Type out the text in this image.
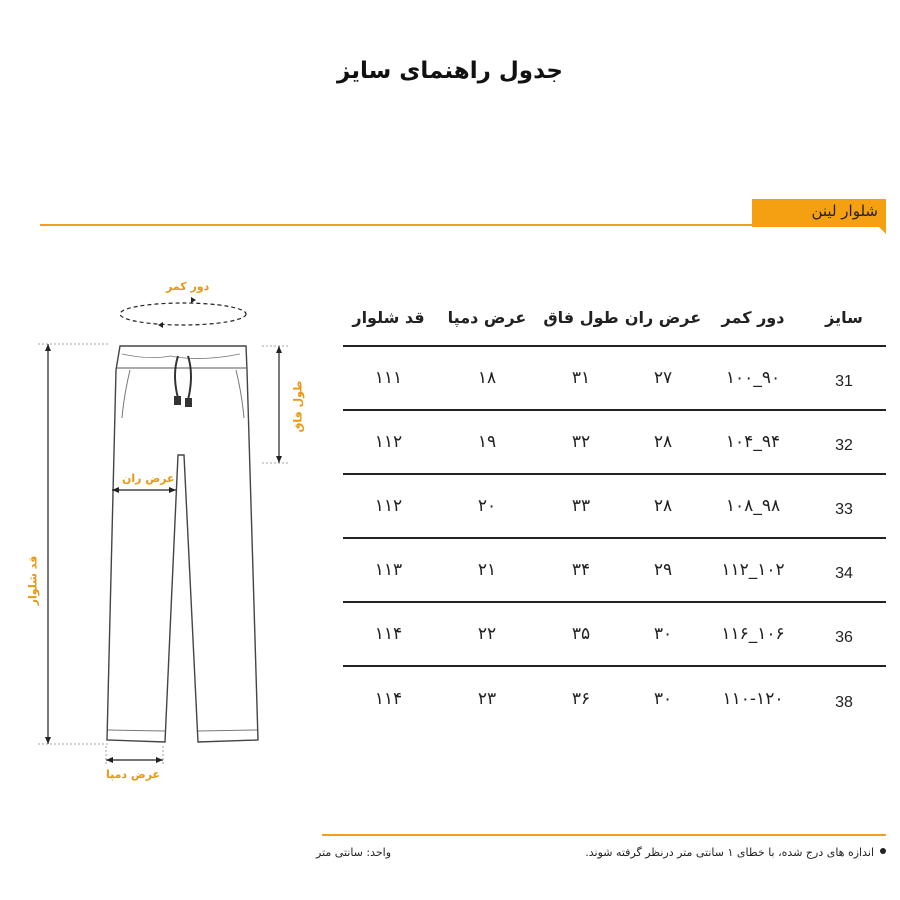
جدول راهنمای سایز
شلوار لینن
دور کمر
طول فاق
عرض ران
قد شلوار
عرض دمپا
سایز	دور کمر	عرض ران	طول فاق	عرض دمپا	قد شلوار
31	۹۰_۱۰۰	۲۷	۳۱	۱۸	۱۱۱
32	۹۴_۱۰۴	۲۸	۳۲	۱۹	۱۱۲
33	۹۸_۱۰۸	۲۸	۳۳	۲۰	۱۱۲
34	۱۰۲_۱۱۲	۲۹	۳۴	۲۱	۱۱۳
36	۱۰۶_۱۱۶	۳۰	۳۵	۲۲	۱۱۴
38	۱۱۰-۱۲۰	۳۰	۳۶	۲۳	۱۱۴
اندازه های درج شده، با خطای ۱ سانتی متر درنظر گرفته شوند.
واحد: سانتی متر
